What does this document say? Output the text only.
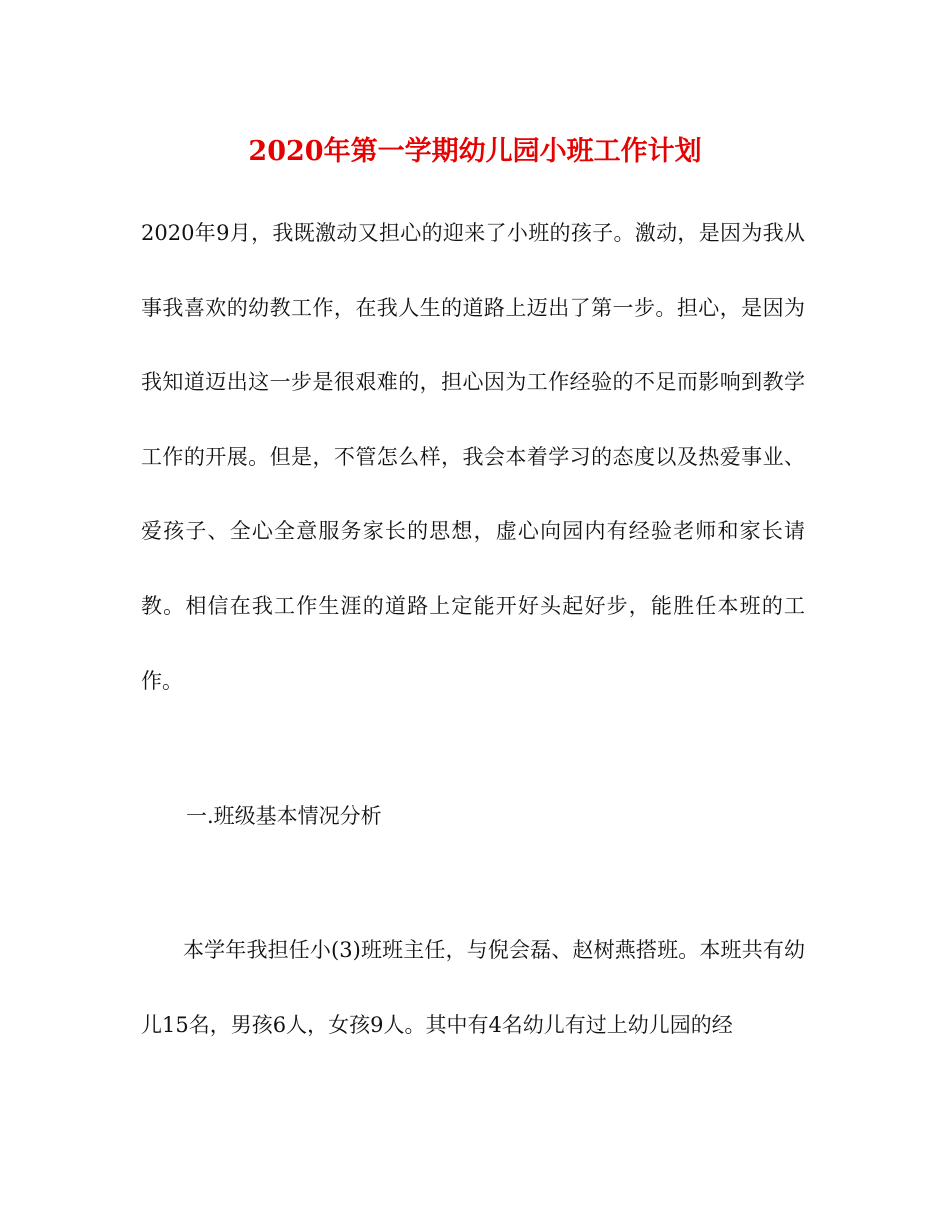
2020年第一学期幼儿园小班工作计划

2020年9月，我既激动又担心的迎来了小班的孩子。激动，是因为我从事我喜欢的幼教工作，在我人生的道路上迈出了第一步。担心，是因为我知道迈出这一步是很艰难的，担心因为工作经验的不足而影响到教学工作的开展。但是，不管怎么样，我会本着学习的态度以及热爱事业、爱孩子、全心全意服务家长的思想，虚心向园内有经验老师和家长请教。相信在我工作生涯的道路上定能开好头起好步，能胜任本班的工作。

一.班级基本情况分析

本学年我担任小(3)班班主任，与倪会磊、赵树燕搭班。本班共有幼儿15名，男孩6人，女孩9人。其中有4名幼儿有过上幼儿园的经
